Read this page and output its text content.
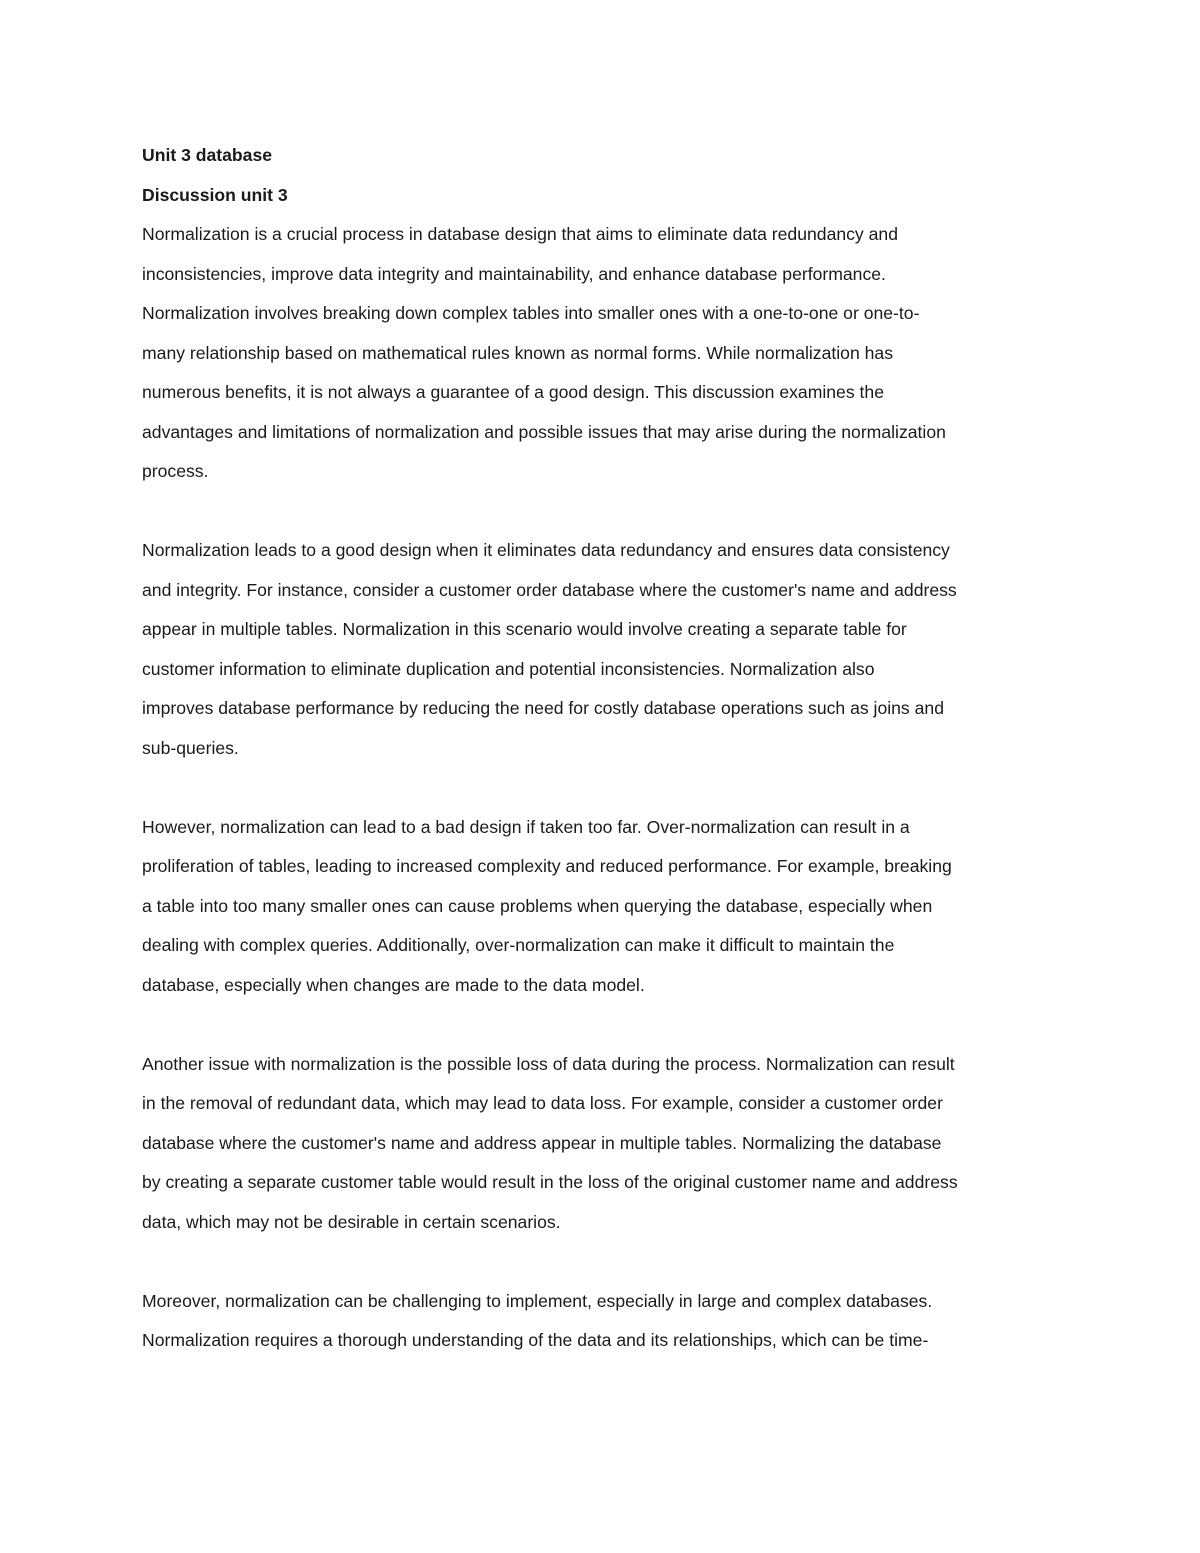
Unit 3 database
Discussion unit 3
Normalization is a crucial process in database design that aims to eliminate data redundancy and
inconsistencies, improve data integrity and maintainability, and enhance database performance.
Normalization involves breaking down complex tables into smaller ones with a one-to-one or one-to-
many relationship based on mathematical rules known as normal forms. While normalization has
numerous benefits, it is not always a guarantee of a good design. This discussion examines the
advantages and limitations of normalization and possible issues that may arise during the normalization
process.
Normalization leads to a good design when it eliminates data redundancy and ensures data consistency
and integrity. For instance, consider a customer order database where the customer's name and address
appear in multiple tables. Normalization in this scenario would involve creating a separate table for
customer information to eliminate duplication and potential inconsistencies. Normalization also
improves database performance by reducing the need for costly database operations such as joins and
sub-queries.
However, normalization can lead to a bad design if taken too far. Over-normalization can result in a
proliferation of tables, leading to increased complexity and reduced performance. For example, breaking
a table into too many smaller ones can cause problems when querying the database, especially when
dealing with complex queries. Additionally, over-normalization can make it difficult to maintain the
database, especially when changes are made to the data model.
Another issue with normalization is the possible loss of data during the process. Normalization can result
in the removal of redundant data, which may lead to data loss. For example, consider a customer order
database where the customer's name and address appear in multiple tables. Normalizing the database
by creating a separate customer table would result in the loss of the original customer name and address
data, which may not be desirable in certain scenarios.
Moreover, normalization can be challenging to implement, especially in large and complex databases.
Normalization requires a thorough understanding of the data and its relationships, which can be time-
